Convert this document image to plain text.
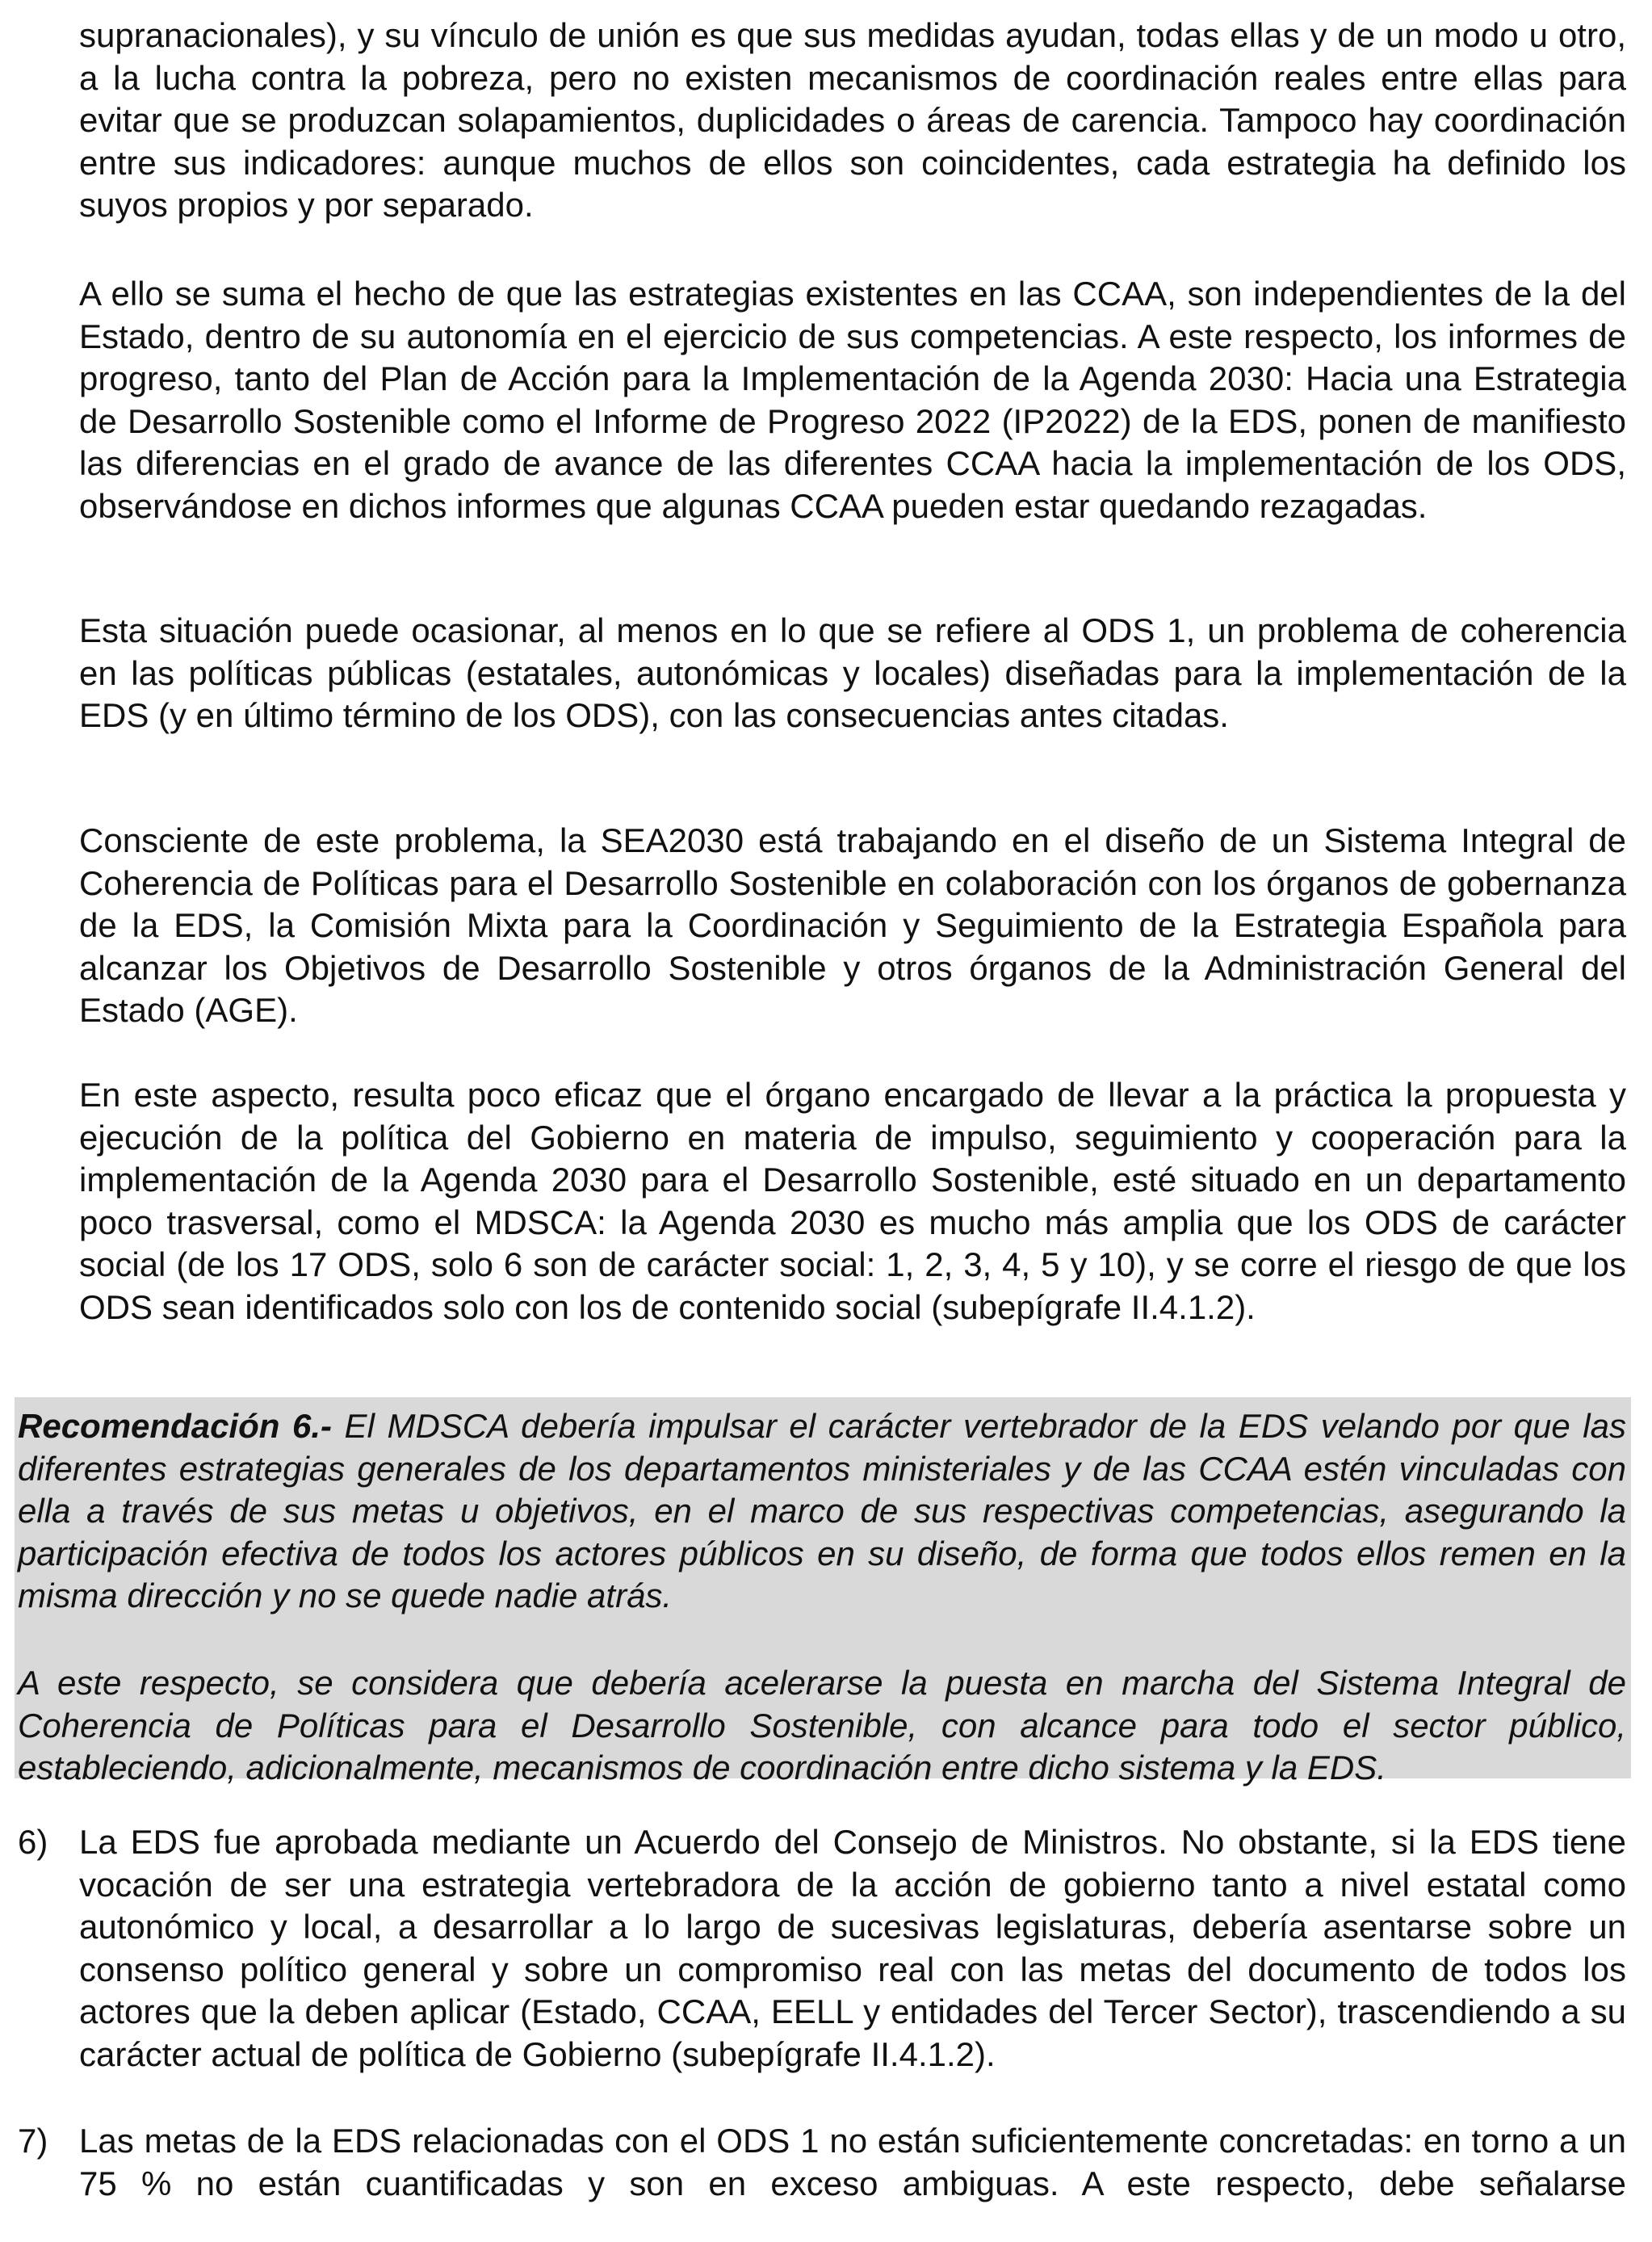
supranacionales), y su vínculo de unión es que sus medidas ayudan, todas ellas y de un modo u otro, a la lucha contra la pobreza, pero no existen mecanismos de coordinación reales entre ellas para evitar que se produzcan solapamientos, duplicidades o áreas de carencia. Tampoco hay coordinación entre sus indicadores: aunque muchos de ellos son coincidentes, cada estrategia ha definido los suyos propios y por separado.

A ello se suma el hecho de que las estrategias existentes en las CCAA, son independientes de la del Estado, dentro de su autonomía en el ejercicio de sus competencias. A este respecto, los informes de progreso, tanto del Plan de Acción para la Implementación de la Agenda 2030: Hacia una Estrategia de Desarrollo Sostenible como el Informe de Progreso 2022 (IP2022) de la EDS, ponen de manifiesto las diferencias en el grado de avance de las diferentes CCAA hacia la implementación de los ODS, observándose en dichos informes que algunas CCAA pueden estar quedando rezagadas.

Esta situación puede ocasionar, al menos en lo que se refiere al ODS 1, un problema de coherencia en las políticas públicas (estatales, autonómicas y locales) diseñadas para la implementación de la EDS (y en último término de los ODS), con las consecuencias antes citadas.

Consciente de este problema, la SEA2030 está trabajando en el diseño de un Sistema Integral de Coherencia de Políticas para el Desarrollo Sostenible en colaboración con los órganos de gobernanza de la EDS, la Comisión Mixta para la Coordinación y Seguimiento de la Estrategia Española para alcanzar los Objetivos de Desarrollo Sostenible y otros órganos de la Administración General del Estado (AGE).

En este aspecto, resulta poco eficaz que el órgano encargado de llevar a la práctica la propuesta y ejecución de la política del Gobierno en materia de impulso, seguimiento y cooperación para la implementación de la Agenda 2030 para el Desarrollo Sostenible, esté situado en un departamento poco trasversal, como el MDSCA: la Agenda 2030 es mucho más amplia que los ODS de carácter social (de los 17 ODS, solo 6 son de carácter social: 1, 2, 3, 4, 5 y 10), y se corre el riesgo de que los ODS sean identificados solo con los de contenido social (subepígrafe II.4.1.2).

Recomendación 6.- El MDSCA debería impulsar el carácter vertebrador de la EDS velando por que las diferentes estrategias generales de los departamentos ministeriales y de las CCAA estén vinculadas con ella a través de sus metas u objetivos, en el marco de sus respectivas competencias, asegurando la participación efectiva de todos los actores públicos en su diseño, de forma que todos ellos remen en la misma dirección y no se quede nadie atrás.

A este respecto, se considera que debería acelerarse la puesta en marcha del Sistema Integral de Coherencia de Políticas para el Desarrollo Sostenible, con alcance para todo el sector público, estableciendo, adicionalmente, mecanismos de coordinación entre dicho sistema y la EDS.

6) La EDS fue aprobada mediante un Acuerdo del Consejo de Ministros. No obstante, si la EDS tiene vocación de ser una estrategia vertebradora de la acción de gobierno tanto a nivel estatal como autonómico y local, a desarrollar a lo largo de sucesivas legislaturas, debería asentarse sobre un consenso político general y sobre un compromiso real con las metas del documento de todos los actores que la deben aplicar (Estado, CCAA, EELL y entidades del Tercer Sector), trascendiendo a su carácter actual de política de Gobierno (subepígrafe II.4.1.2).

7) Las metas de la EDS relacionadas con el ODS 1 no están suficientemente concretadas: en torno a un 75 % no están cuantificadas y son en exceso ambiguas. A este respecto, debe señalarse
